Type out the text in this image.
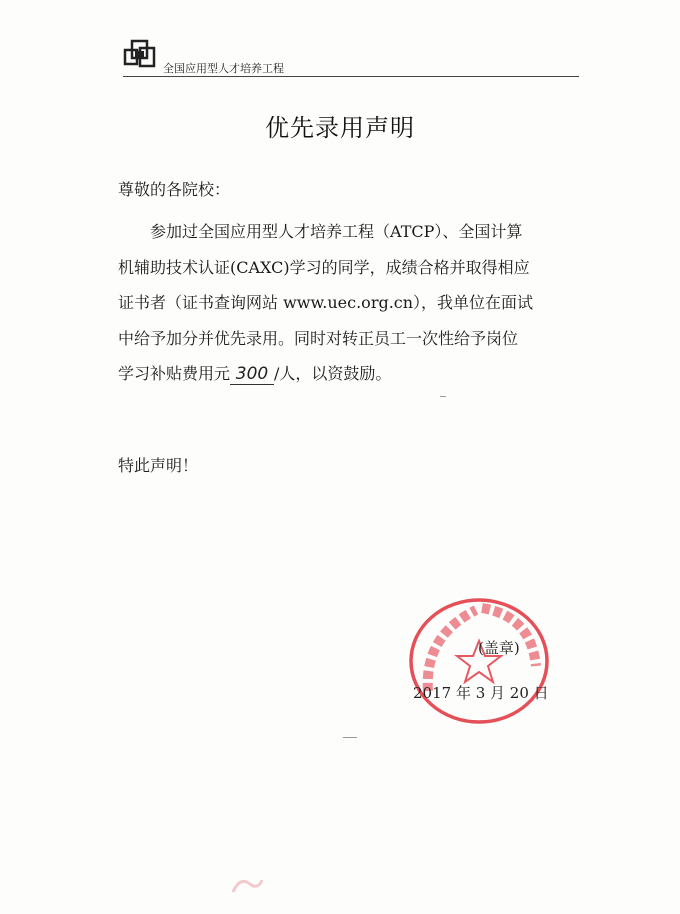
全国应用型人才培养工程
优先录用声明
尊敬的各院校：
　　参加过全国应用型人才培养工程（ATCP）、全国计算
机辅助技术认证(CAXC)学习的同学，成绩合格并取得相应
证书者（证书查询网站 www.uec.org.cn），我单位在面试
中给予加分并优先录用。同时对转正员工一次性给予岗位
学习补贴费用元 300 /人，以资鼓励。
特此声明！
(盖章)
2017 年 3 月 20 日
